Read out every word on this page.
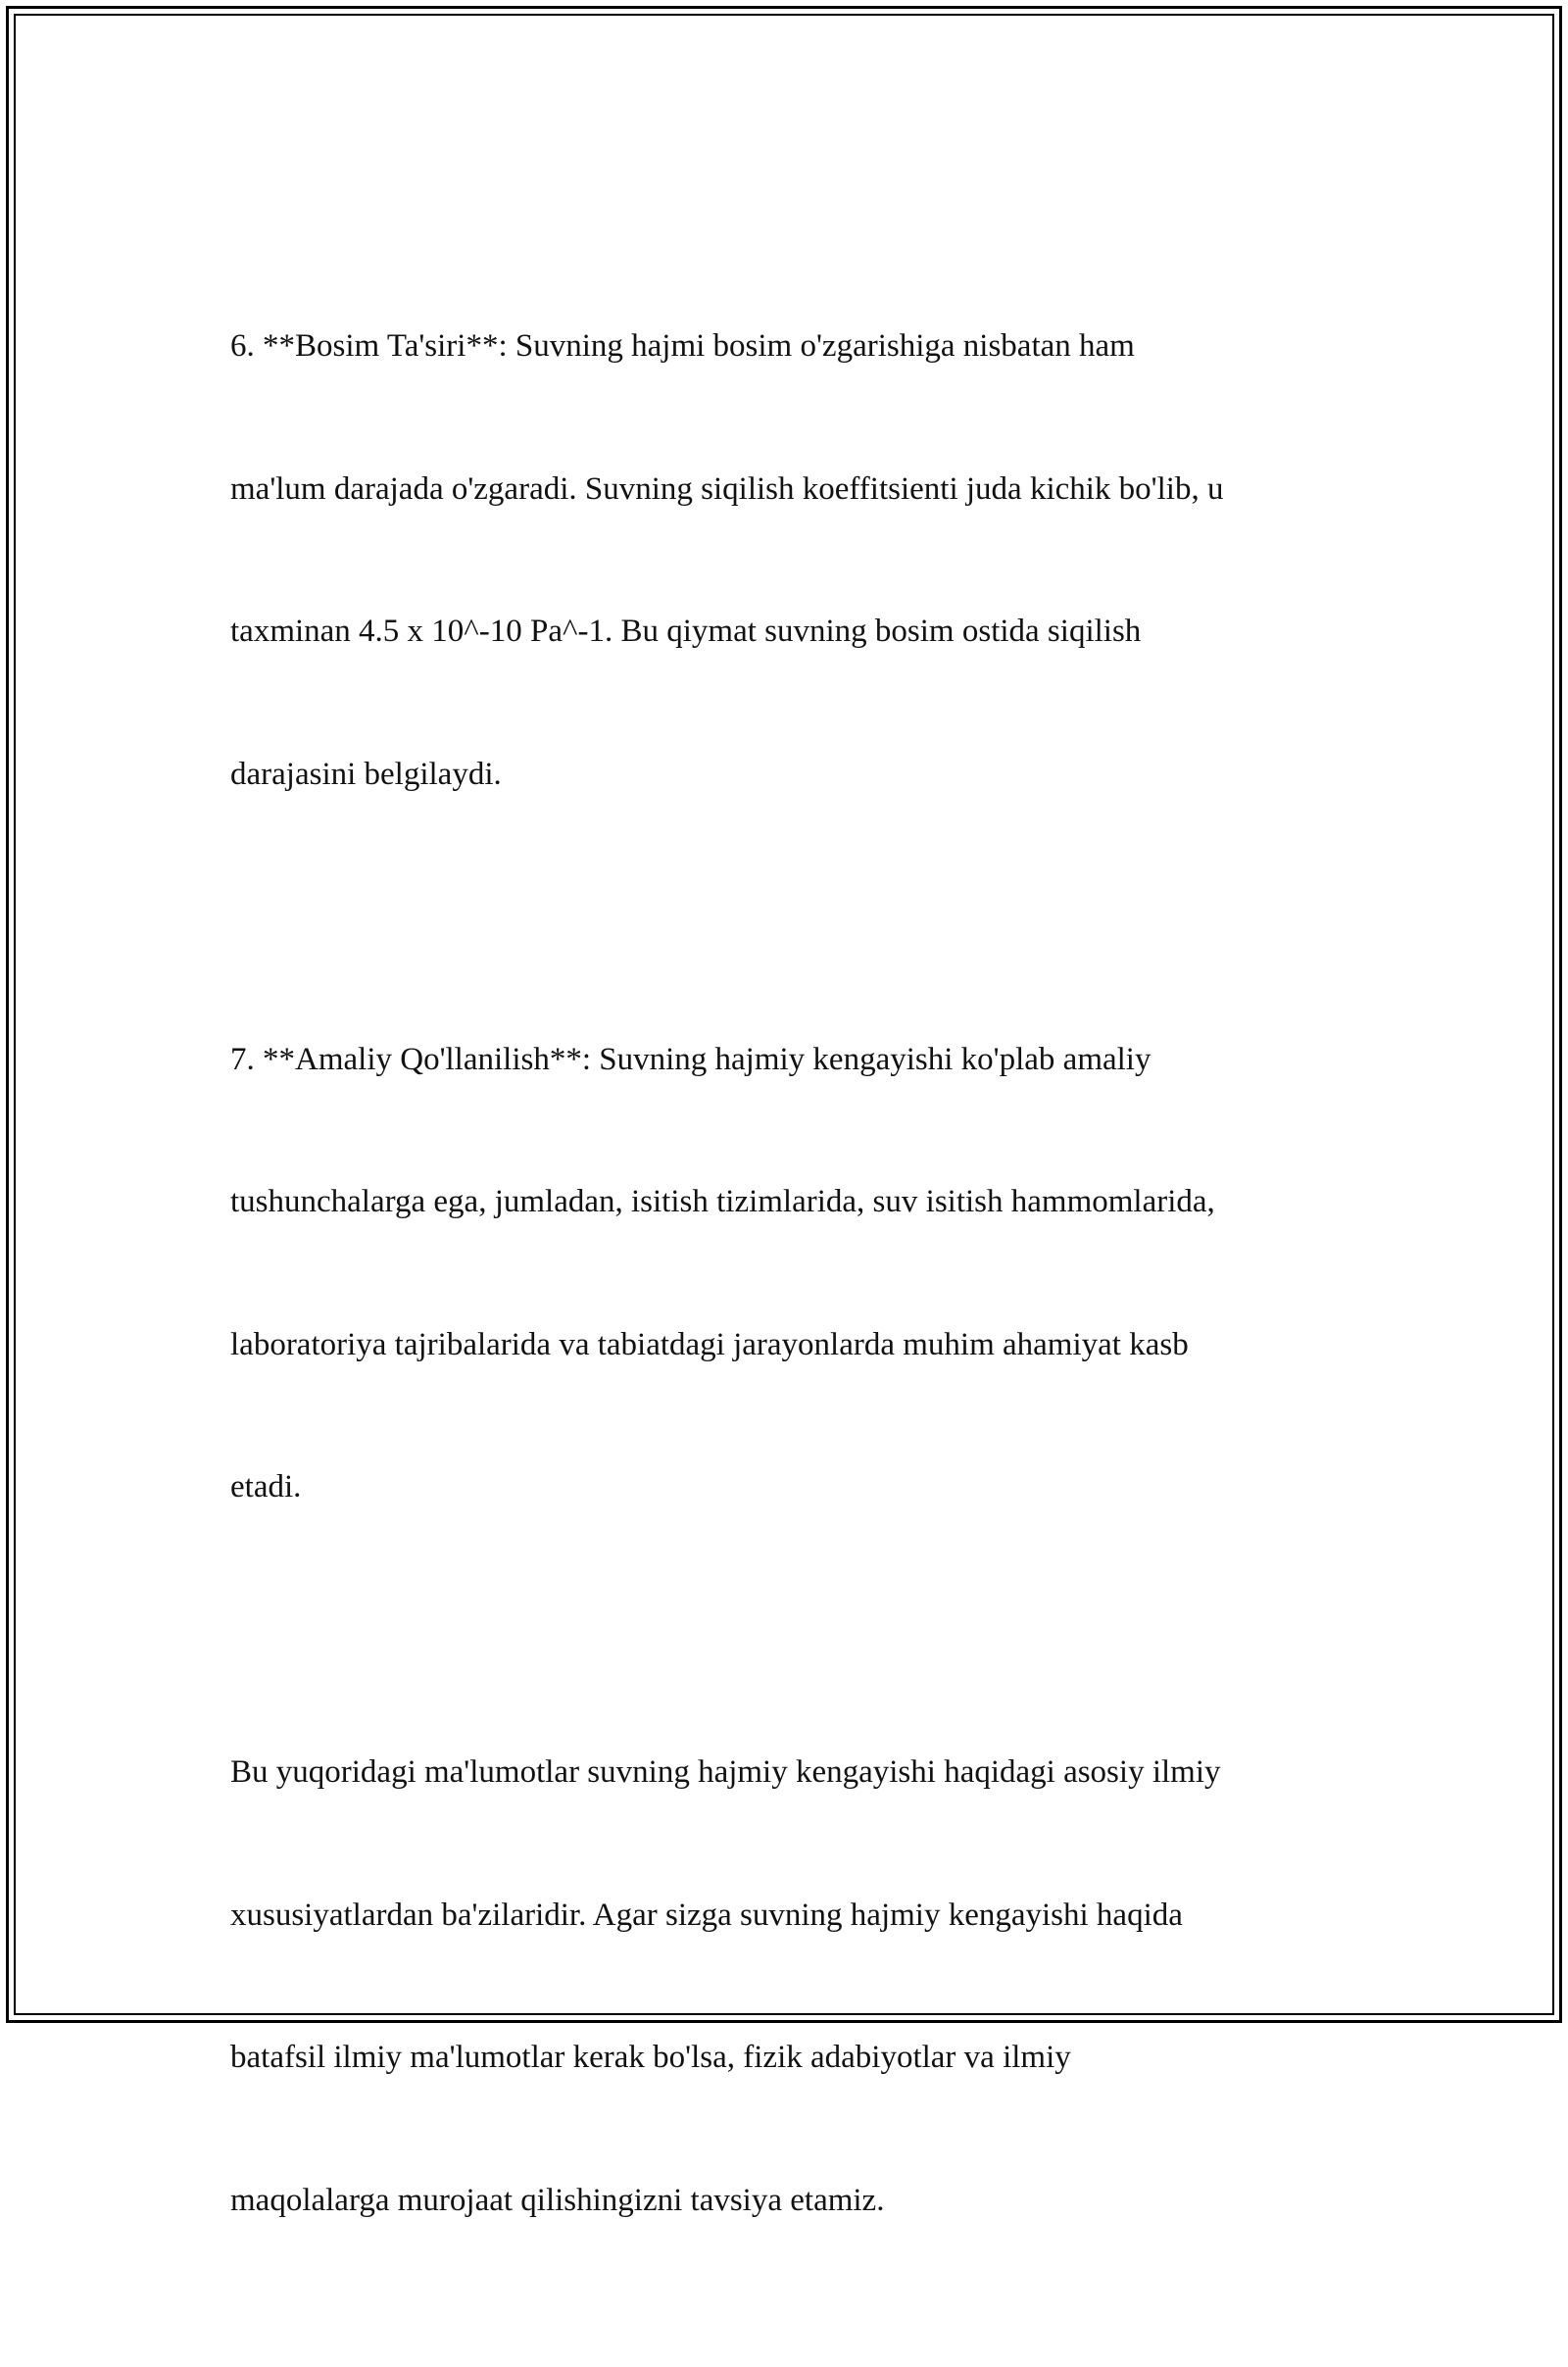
6. **Bosim Ta'siri**: Suvning hajmi bosim o'zgarishiga nisbatan ham

ma'lum darajada o'zgaradi. Suvning siqilish koeffitsienti juda kichik bo'lib, u

taxminan 4.5 x 10^-10 Pa^-1. Bu qiymat suvning bosim ostida siqilish

darajasini belgilaydi.

7. **Amaliy Qo'llanilish**: Suvning hajmiy kengayishi ko'plab amaliy

tushunchalarga ega, jumladan, isitish tizimlarida, suv isitish hammomlarida,

laboratoriya tajribalarida va tabiatdagi jarayonlarda muhim ahamiyat kasb

etadi.

Bu yuqoridagi ma'lumotlar suvning hajmiy kengayishi haqidagi asosiy ilmiy

xususiyatlardan ba'zilaridir. Agar sizga suvning hajmiy kengayishi haqida

batafsil ilmiy ma'lumotlar kerak bo'lsa, fizik adabiyotlar va ilmiy

maqolalarga murojaat qilishingizni tavsiya etamiz.
